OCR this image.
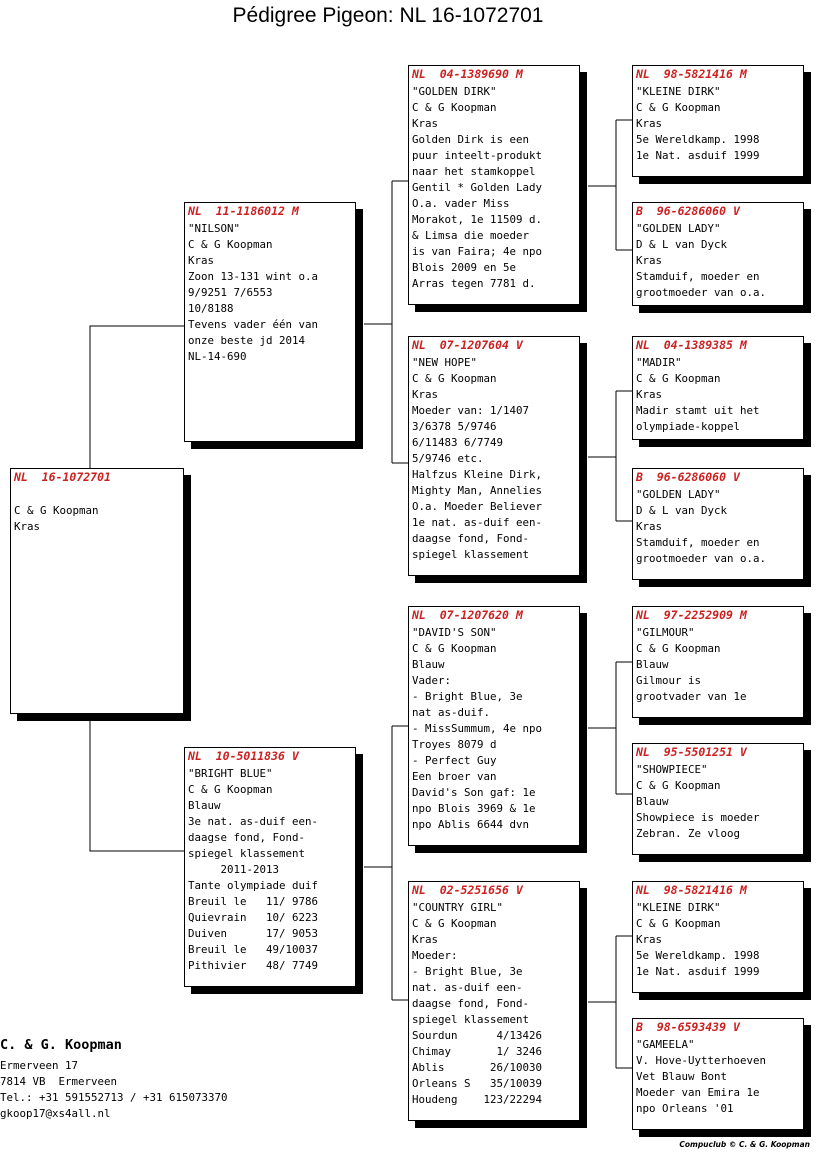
Pédigree Pigeon: NL 16-1072701
NL 16-1072701

C & G Koopman
Kras
NL 11-1186012 M
"NILSON"
C & G Koopman
Kras
Zoon 13-131 wint o.a
9/9251 7/6553
10/8188
Tevens vader één van
onze beste jd 2014
NL-14-690
NL 10-5011836 V
"BRIGHT BLUE"
C & G Koopman
Blauw
3e nat. as-duif een-
daagse fond, Fond-
spiegel klassement
2011-2013
Tante olympiade duif
Breuil le   11/ 9786
Quievrain   10/ 6223
Duiven      17/ 9053
Breuil le   49/10037
Pithivier   48/ 7749
NL 04-1389690 M
"GOLDEN DIRK"
C & G Koopman
Kras
Golden Dirk is een
puur inteelt-produkt
naar het stamkoppel
Gentil * Golden Lady
O.a. vader Miss
Morakot, 1e 11509 d.
& Limsa die moeder
is van Faira; 4e npo
Blois 2009 en 5e
Arras tegen 7781 d.
NL 07-1207604 V
"NEW HOPE"
C & G Koopman
Kras
Moeder van: 1/1407
3/6378 5/9746
6/11483 6/7749
5/9746 etc.
Halfzus Kleine Dirk,
Mighty Man, Annelies
O.a. Moeder Believer
1e nat. as-duif een-
daagse fond, Fond-
spiegel klassement
NL 07-1207620 M
"DAVID'S SON"
C & G Koopman
Blauw
Vader:
- Bright Blue, 3e
nat as-duif.
- MissSummum, 4e npo
Troyes 8079 d
- Perfect Guy
Een broer van
David's Son gaf: 1e
npo Blois 3969 & 1e
npo Ablis 6644 dvn
NL 02-5251656 V
"COUNTRY GIRL"
C & G Koopman
Kras
Moeder:
- Bright Blue, 3e
nat. as-duif een-
daagse fond, Fond-
spiegel klassement
Sourdun      4/13426
Chimay       1/ 3246
Ablis       26/10030
Orleans S   35/10039
Houdeng    123/22294
NL 98-5821416 M
"KLEINE DIRK"
C & G Koopman
Kras
5e Wereldkamp. 1998
1e Nat. asduif 1999
B 96-6286060 V
"GOLDEN LADY"
D & L van Dyck
Kras
Stamduif, moeder en
grootmoeder van o.a.
NL 04-1389385 M
"MADIR"
C & G Koopman
Kras
Madir stamt uit het
olympiade-koppel
B 96-6286060 V
"GOLDEN LADY"
D & L van Dyck
Kras
Stamduif, moeder en
grootmoeder van o.a.
NL 97-2252909 M
"GILMOUR"
C & G Koopman
Blauw
Gilmour is
grootvader van 1e
NL 95-5501251 V
"SHOWPIECE"
C & G Koopman
Blauw
Showpiece is moeder
Zebran. Ze vloog
NL 98-5821416 M
"KLEINE DIRK"
C & G Koopman
Kras
5e Wereldkamp. 1998
1e Nat. asduif 1999
B 98-6593439 V
"GAMEELA"
V. Hove-Uytterhoeven
Vet Blauw Bont
Moeder van Emira 1e
npo Orleans '01
C. & G. Koopman
Ermerveen 17
7814 VB  Ermerveen
Tel.: +31 591552713 / +31 615073370
gkoop17@xs4all.nl
Compuclub © C. & G. Koopman
